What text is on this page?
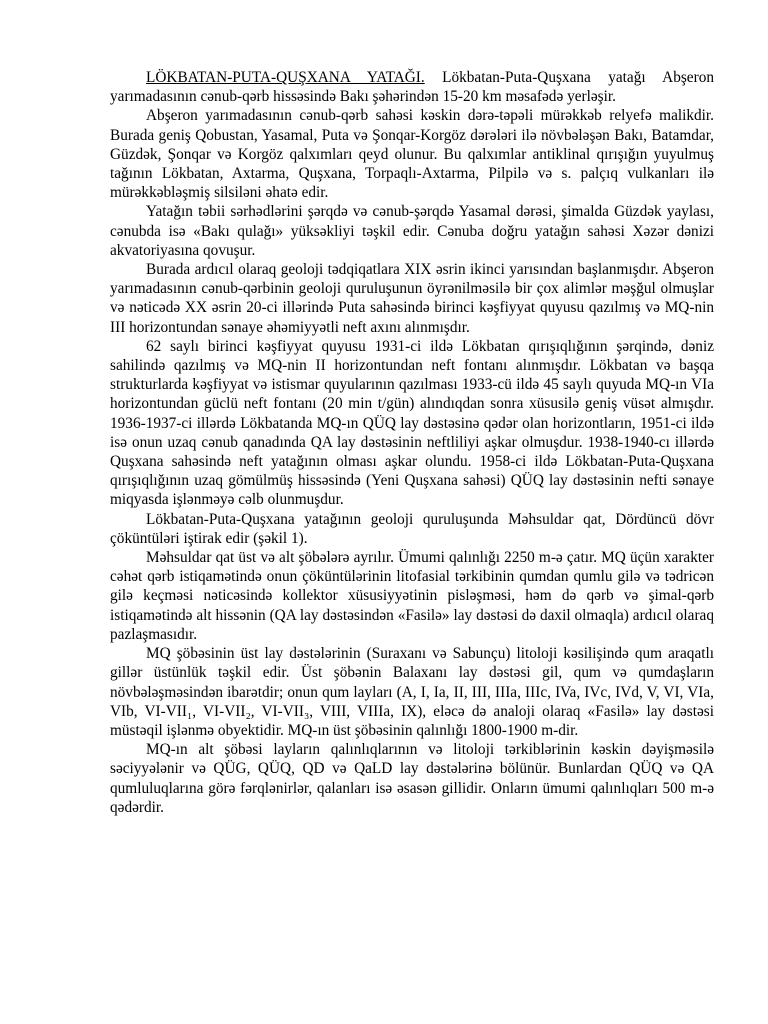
LÖKBATAN-PUTA-QUŞXANA YATAĞI. Lökbatan-Puta-Quşxana yatağı Abşeron yarımadasının cənub-qərb hissəsində Bakı şəhərindən 15-20 km məsafədə yerləşir.

Abşeron yarımadasının cənub-qərb sahəsi kəskin dərə-təpəli mürəkkəb relyefə malikdir. Burada geniş Qobustan, Yasamal, Puta və Şonqar-Korgöz dərələri ilə növbələşən Bakı, Batamdar, Güzdək, Şonqar və Korgöz qalxımları qeyd olunur. Bu qalxımlar antiklinal qırışığın yuyulmuş tağının Lökbatan, Axtarma, Quşxana, Torpaqlı-Axtarma, Pilpilə və s. palçıq vulkanları ilə mürəkkəbləşmiş silsiləni əhatə edir.

Yatağın təbii sərhədlərini şərqdə və cənub-şərqdə Yasamal dərəsi, şimalda Güzdək yaylası, cənubda isə «Bakı qulağı» yüksəkliyi təşkil edir. Cənuba doğru yatağın sahəsi Xəzər dənizi akvatoriyasına qovuşur.

Burada ardıcıl olaraq geoloji tədqiqatlara XIX əsrin ikinci yarısından başlanmışdır. Abşeron yarımadasının cənub-qərbinin geoloji quruluşunun öyrənilməsilə bir çox alimlər məşğul olmuşlar və nəticədə XX əsrin 20-ci illərində Puta sahəsində birinci kəşfiyyat quyusu qazılmış və MQ-nin III horizontundan sənaye əhəmiyyətli neft axını alınmışdır.

62 saylı birinci kəşfiyyat quyusu 1931-ci ildə Lökbatan qırışıqlığının şərqində, dəniz sahilində qazılmış və MQ-nin II horizontundan neft fontanı alınmışdır. Lökbatan və başqa strukturlarda kəşfiyyat və istismar quyularının qazılması 1933-cü ildə 45 saylı quyuda MQ-ın VIa horizontundan güclü neft fontanı (20 min t/gün) alındıqdan sonra xüsusilə geniş vüsət almışdır. 1936-1937-ci illərdə Lökbatanda MQ-ın QÜQ lay dəstəsinə qədər olan horizontların, 1951-ci ildə isə onun uzaq cənub qanadında QA lay dəstəsinin neftliliyi aşkar olmuşdur. 1938-1940-cı illərdə Quşxana sahəsində neft yatağının olması aşkar olundu. 1958-ci ildə Lökbatan-Puta-Quşxana qırışıqlığının uzaq gömülmüş hissəsində (Yeni Quşxana sahəsi) QÜQ lay dəstəsinin nefti sənaye miqyasda işlənməyə cəlb olunmuşdur.

Lökbatan-Puta-Quşxana yatağının geoloji quruluşunda Məhsuldar qat, Dördüncü dövr çöküntüləri iştirak edir (şəkil 1).

Məhsuldar qat üst və alt şöbələrə ayrılır. Ümumi qalınlığı 2250 m-ə çatır. MQ üçün xarakter cəhət qərb istiqamətində onun çöküntülərinin litofasial tərkibinin qumdan qumlu gilə və tədricən gilə keçməsi nəticəsində kollektor xüsusiyyətinin pisləşməsi, həm də qərb və şimal-qərb istiqamətində alt hissənin (QA lay dəstəsindən «Fasilə» lay dəstəsi də daxil olmaqla) ardıcıl olaraq pazlaşmasıdır.

MQ şöbəsinin üst lay dəstələrinin (Suraxanı və Sabunçu) litoloji kəsilişində qum araqatlı gillər üstünlük təşkil edir. Üst şöbənin Balaxanı lay dəstəsi gil, qum və qumdaşların növbələşməsindən ibarətdir; onun qum layları (A, I, Ia, II, III, IIIa, IIIc, IVa, IVc, IVd, V, VI, VIa, VIb, VI-VII₁, VI-VII₂, VI-VII₃, VIII, VIIIa, IX), eləcə də analoji olaraq «Fasilə» lay dəstəsi müstəqil işlənmə obyektidir. MQ-ın üst şöbəsinin qalınlığı 1800-1900 m-dir.

MQ-ın alt şöbəsi layların qalınlıqlarının və litoloji tərkiblərinin kəskin dəyişməsilə səciyyələnir və QÜG, QÜQ, QD və QaLD lay dəstələrinə bölünür. Bunlardan QÜQ və QA qumluluqlarına görə fərqlənirlər, qalanları isə əsasən gillidir. Onların ümumi qalınlıqları 500 m-ə qədərdir.
